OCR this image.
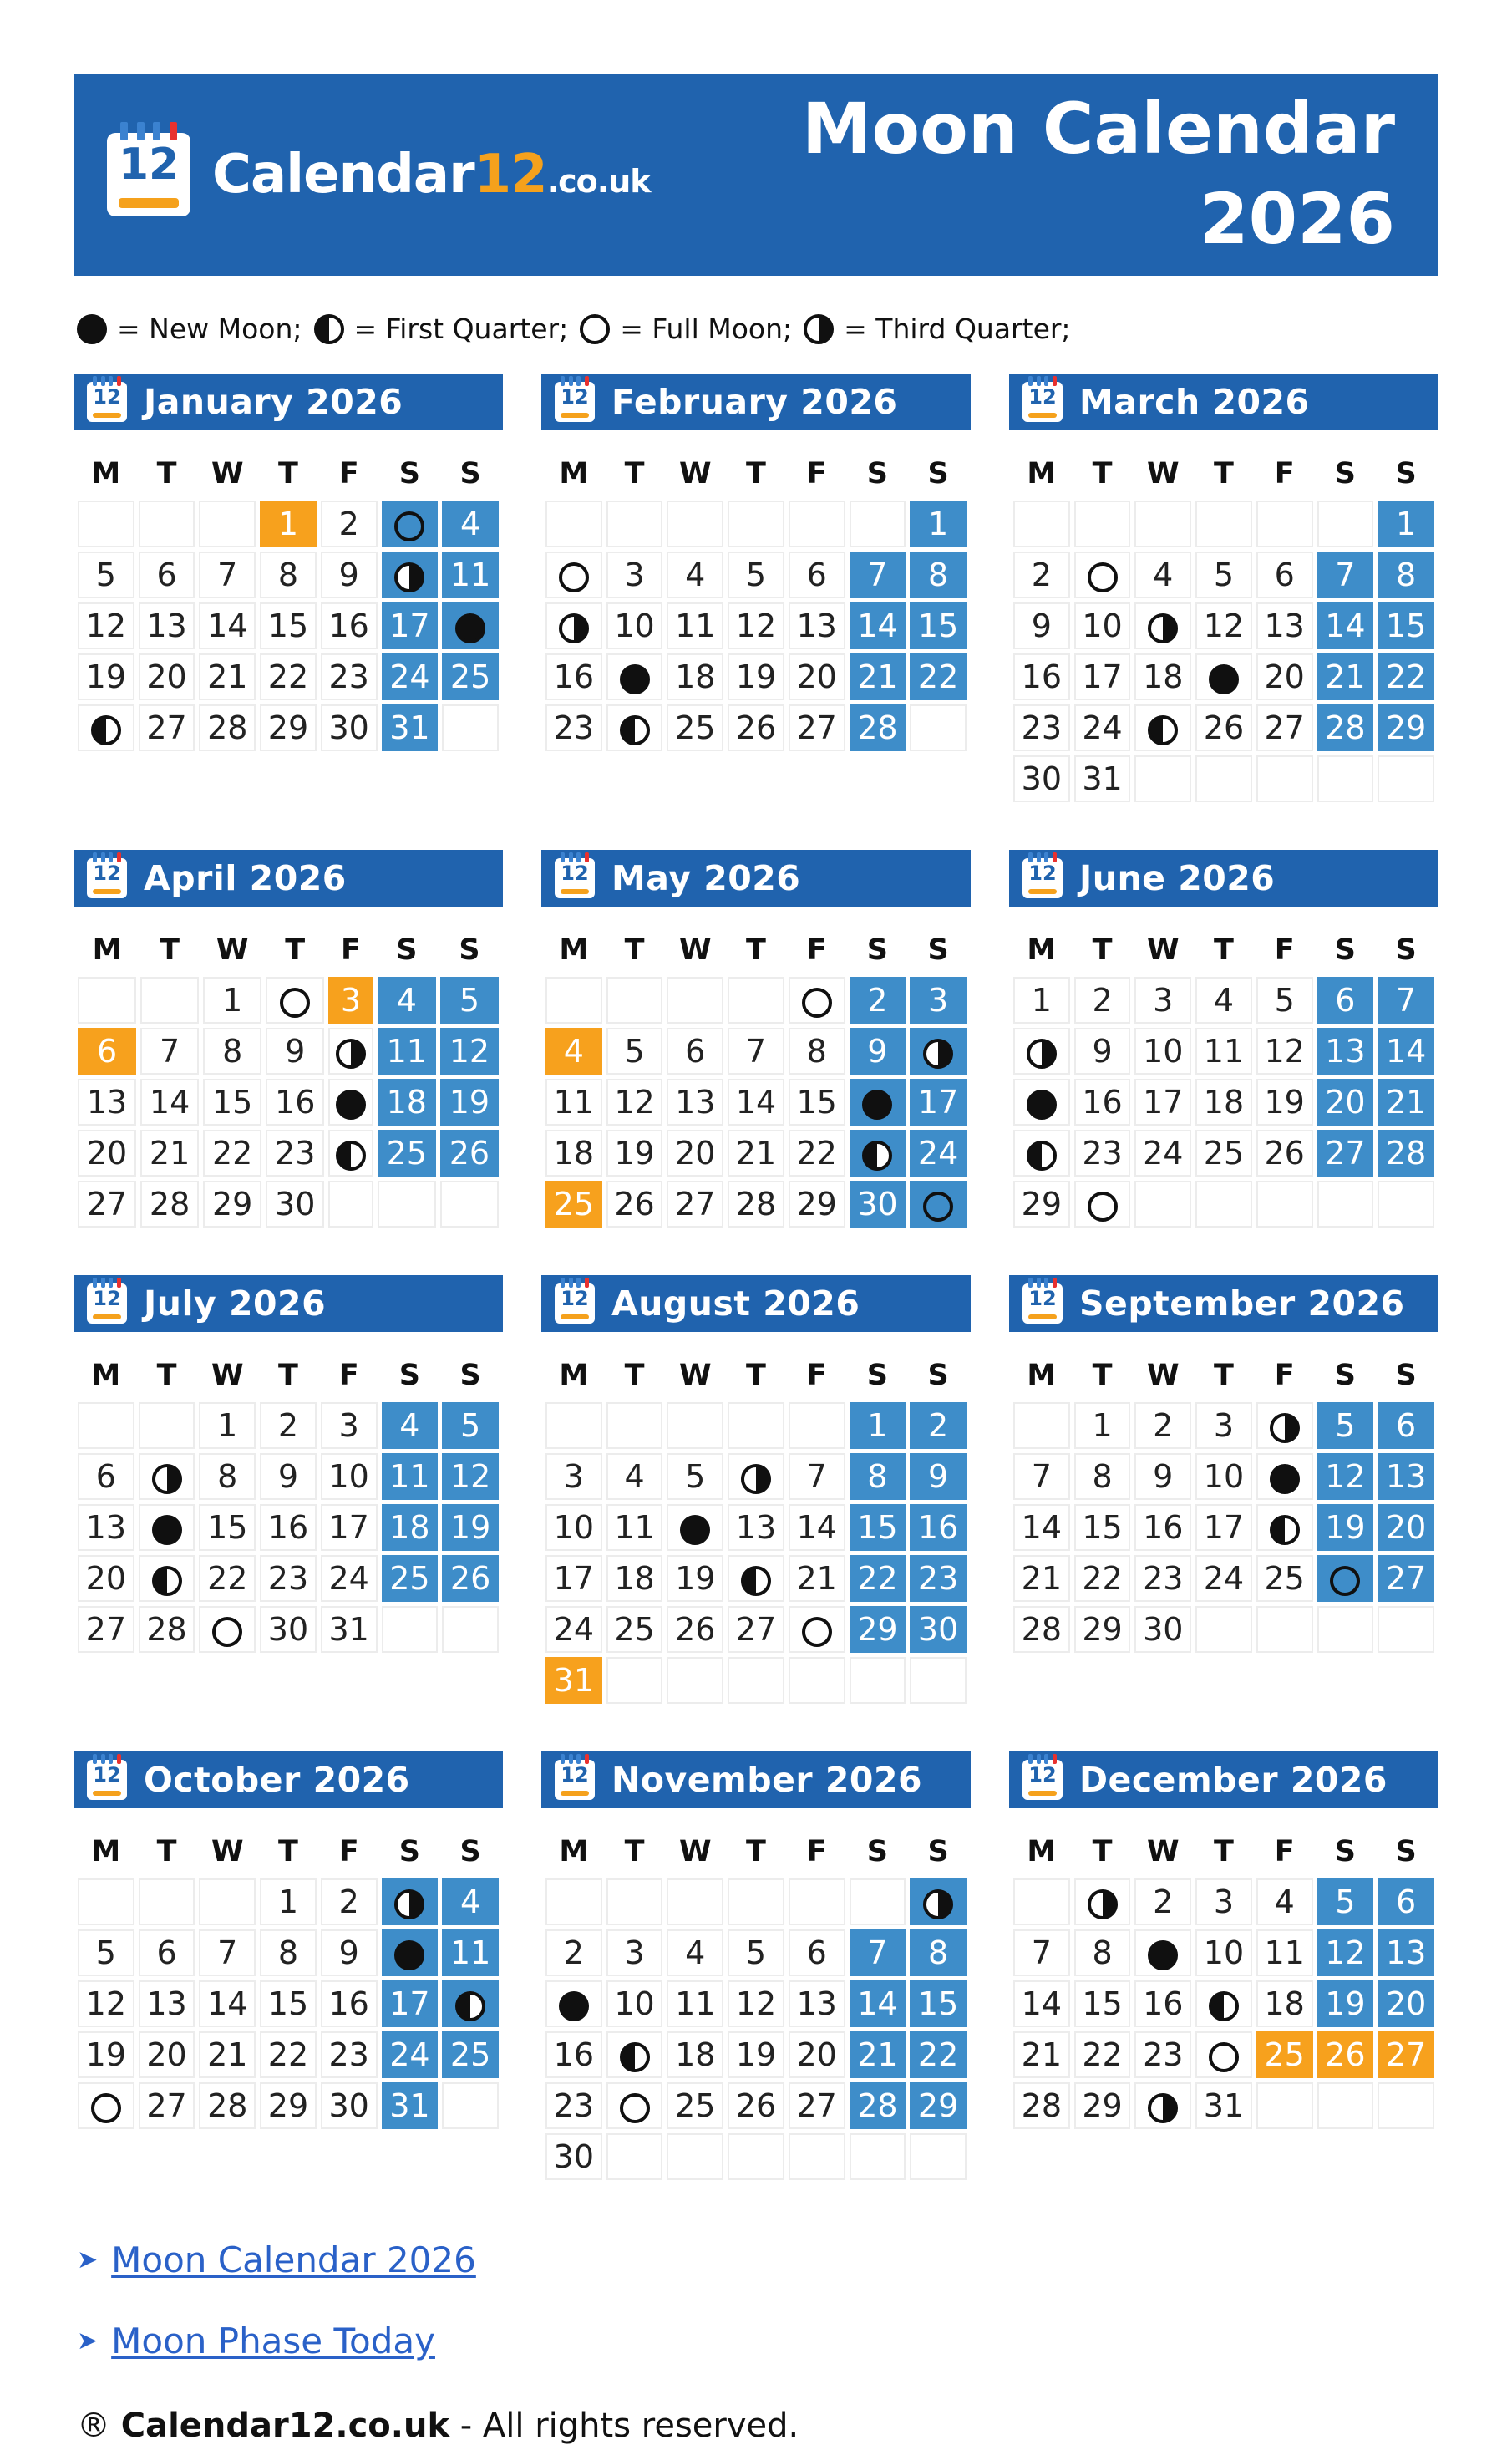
12 Calendar12.co.uk
Moon Calendar 2026
= New Moon; = First Quarter; = Full Moon; = Third Quarter;
12 January 2026
M	T	W	T	F	S	S
			1	2		4
5	6	7	8	9		11
12	13	14	15	16	17	
19	20	21	22	23	24	25
	27	28	29	30	31	
12 February 2026
M	T	W	T	F	S	S
						1
	3	4	5	6	7	8
	10	11	12	13	14	15
16		18	19	20	21	22
23		25	26	27	28	
12 March 2026
M	T	W	T	F	S	S
						1
2		4	5	6	7	8
9	10		12	13	14	15
16	17	18		20	21	22
23	24		26	27	28	29
30	31					
12 April 2026
M	T	W	T	F	S	S
		1		3	4	5
6	7	8	9		11	12
13	14	15	16		18	19
20	21	22	23		25	26
27	28	29	30			
12 May 2026
M	T	W	T	F	S	S
					2	3
4	5	6	7	8	9	
11	12	13	14	15		17
18	19	20	21	22		24
25	26	27	28	29	30	
12 June 2026
M	T	W	T	F	S	S
1	2	3	4	5	6	7
	9	10	11	12	13	14
	16	17	18	19	20	21
	23	24	25	26	27	28
29						
12 July 2026
M	T	W	T	F	S	S
		1	2	3	4	5
6		8	9	10	11	12
13		15	16	17	18	19
20		22	23	24	25	26
27	28		30	31		
12 August 2026
M	T	W	T	F	S	S
					1	2
3	4	5		7	8	9
10	11		13	14	15	16
17	18	19		21	22	23
24	25	26	27		29	30
31						
12 September 2026
M	T	W	T	F	S	S
	1	2	3		5	6
7	8	9	10		12	13
14	15	16	17		19	20
21	22	23	24	25		27
28	29	30				
12 October 2026
M	T	W	T	F	S	S
			1	2		4
5	6	7	8	9		11
12	13	14	15	16	17	
19	20	21	22	23	24	25
	27	28	29	30	31	
12 November 2026
M	T	W	T	F	S	S

2	3	4	5	6	7	8
	10	11	12	13	14	15
16		18	19	20	21	22
23		25	26	27	28	29
30						
12 December 2026
M	T	W	T	F	S	S
		2	3	4	5	6
7	8		10	11	12	13
14	15	16		18	19	20
21	22	23		25	26	27
28	29		31			
➤ Moon Calendar 2026
➤ Moon Phase Today
® Calendar12.co.uk - All rights reserved.
